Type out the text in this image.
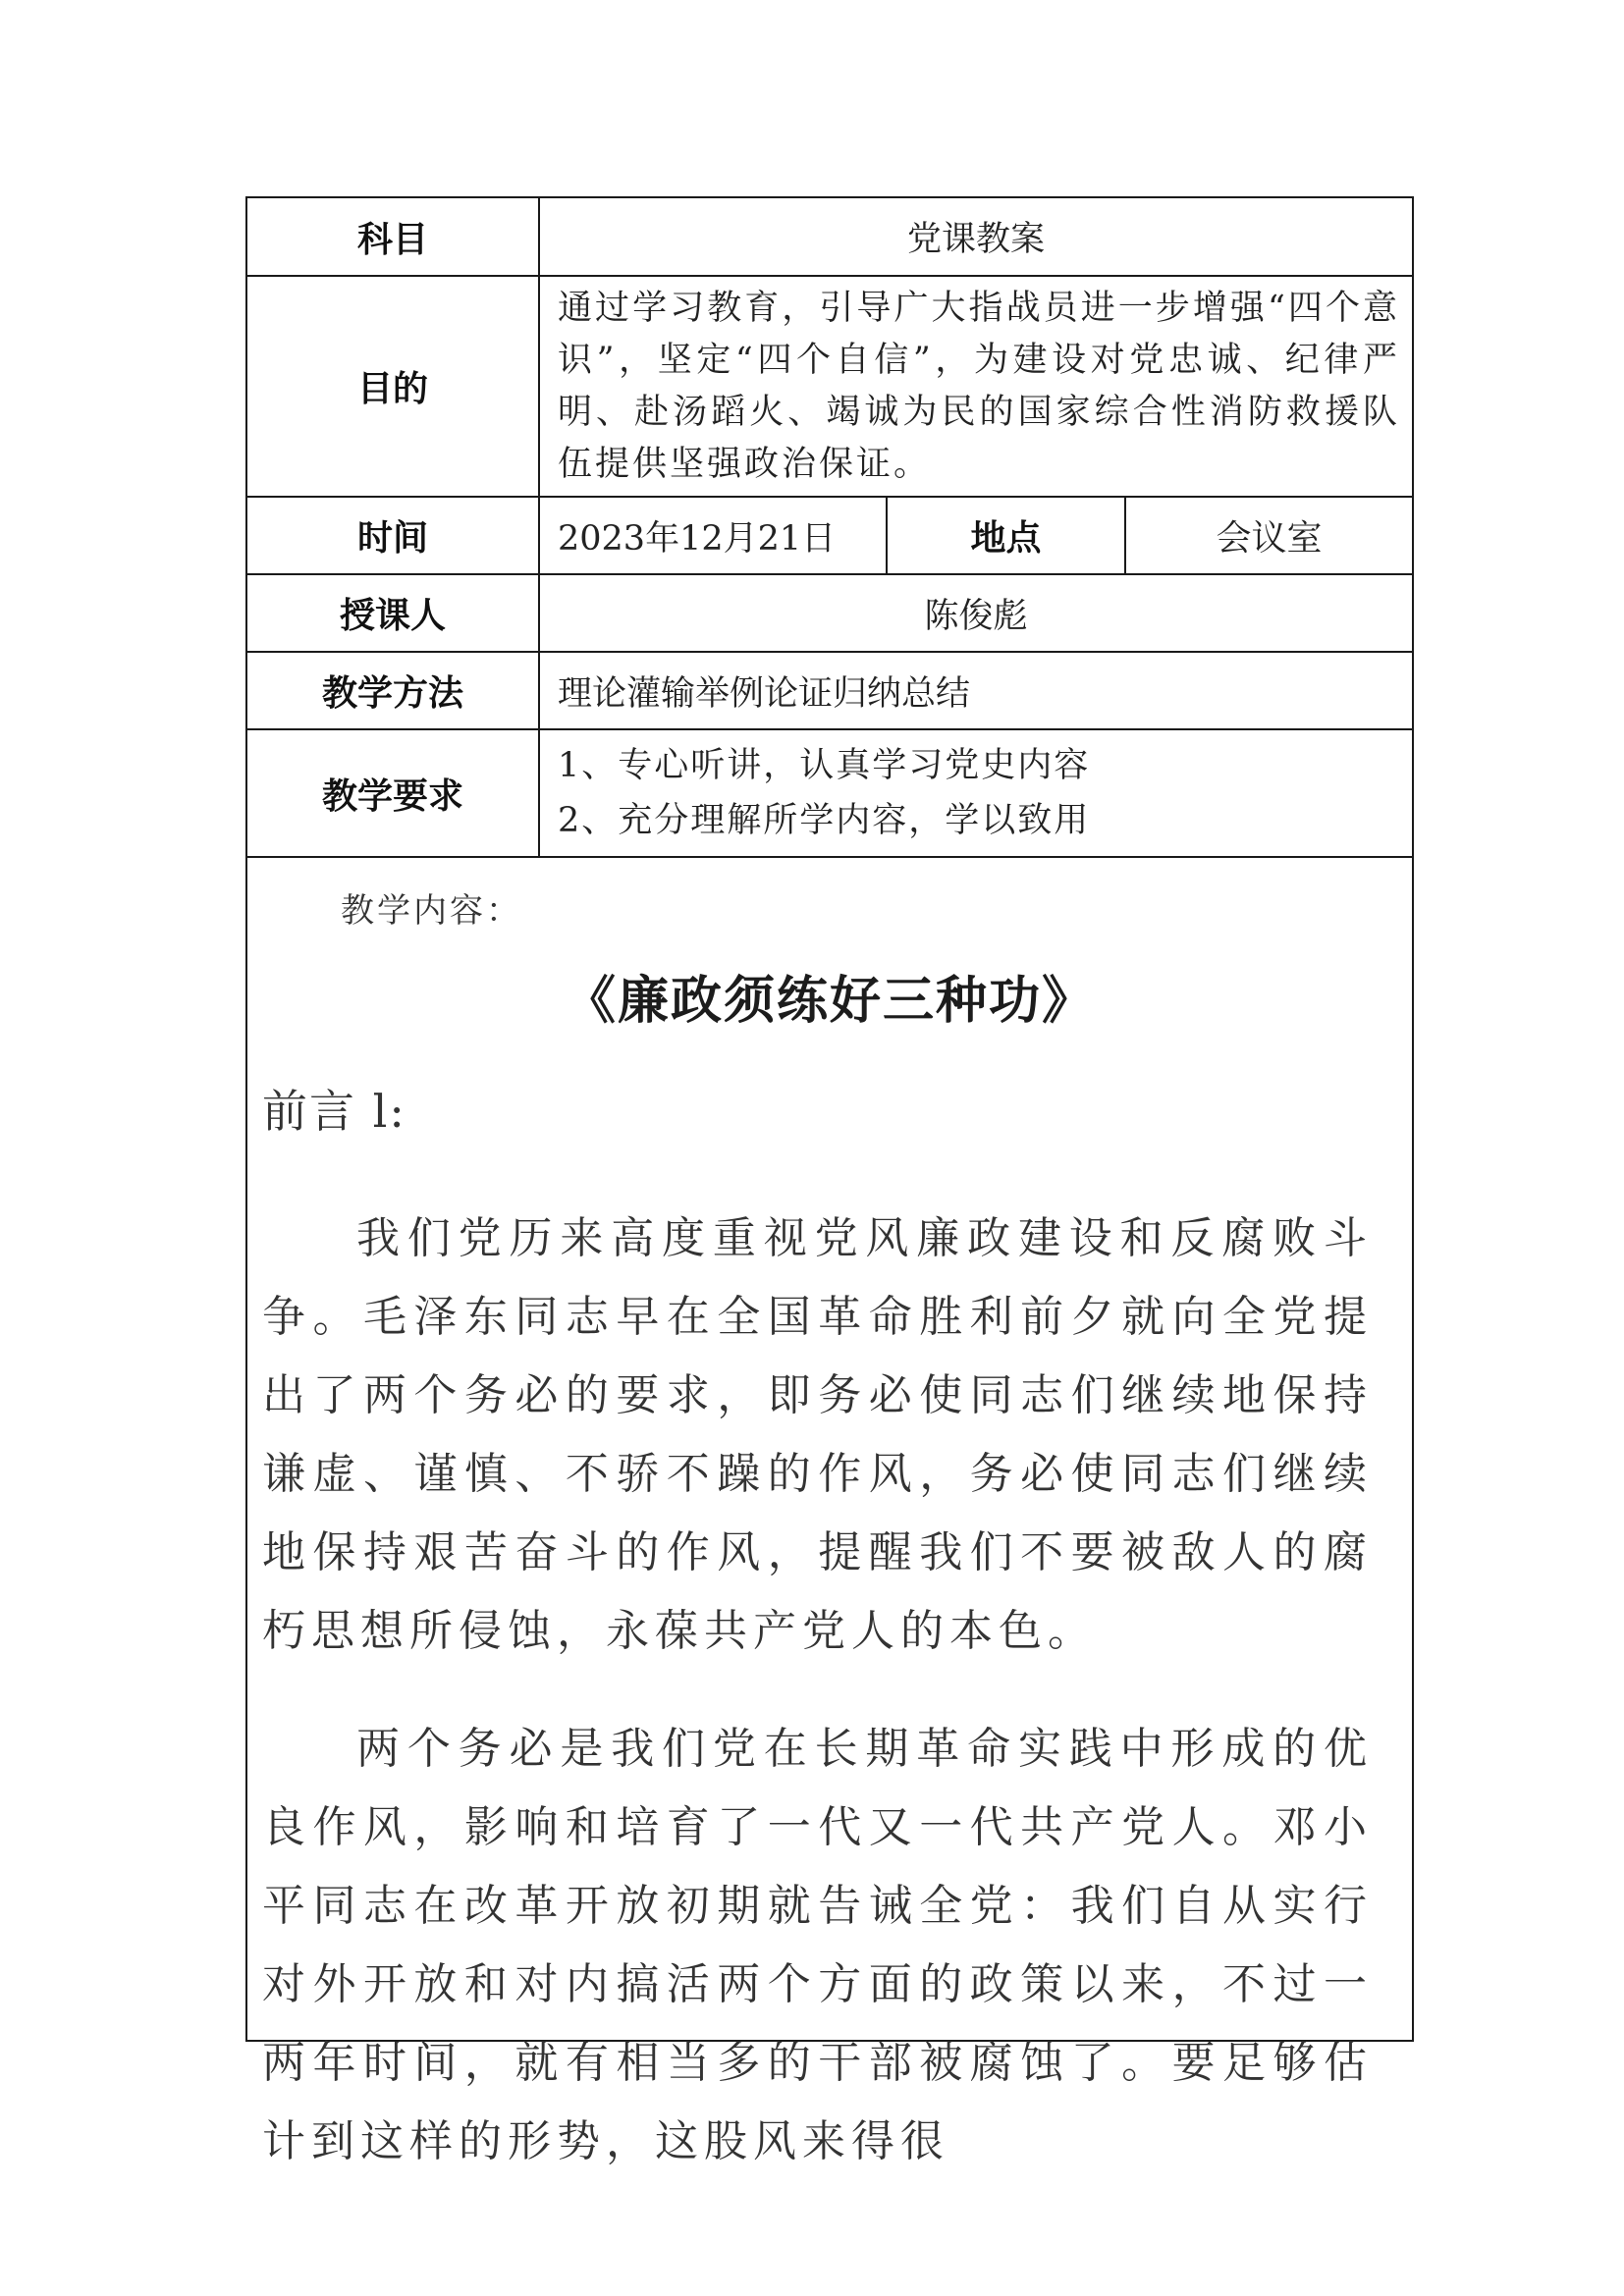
科目	党课教案		
目的	通过学习教育，引导广大指战员进一步增强“四个意识”，坚定“四个自信”，为建设对党忠诚、纪律严明、赴汤蹈火、竭诚为民的国家综合性消防救援队伍提供坚强政治保证。		
时间	2023年12月21日	地点	会议室
授课人	陈俊彪		
教学方法	理论灌输举例论证归纳总结		
教学要求	1、专心听讲，认真学习党史内容
2、充分理解所学内容，学以致用		

教学内容：

《廉政须练好三种功》

前言 l:

我们党历来高度重视党风廉政建设和反腐败斗争。毛泽东同志早在全国革命胜利前夕就向全党提出了两个务必的要求，即务必使同志们继续地保持谦虚、谨慎、不骄不躁的作风，务必使同志们继续地保持艰苦奋斗的作风，提醒我们不要被敌人的腐朽思想所侵蚀，永葆共产党人的本色。

两个务必是我们党在长期革命实践中形成的优良作风，影响和培育了一代又一代共产党人。邓小平同志在改革开放初期就告诫全党：我们自从实行对外开放和对内搞活两个方面的政策以来，不过一两年时间，就有相当多的干部被腐蚀了。要足够估计到这样的形势，这股风来得很
